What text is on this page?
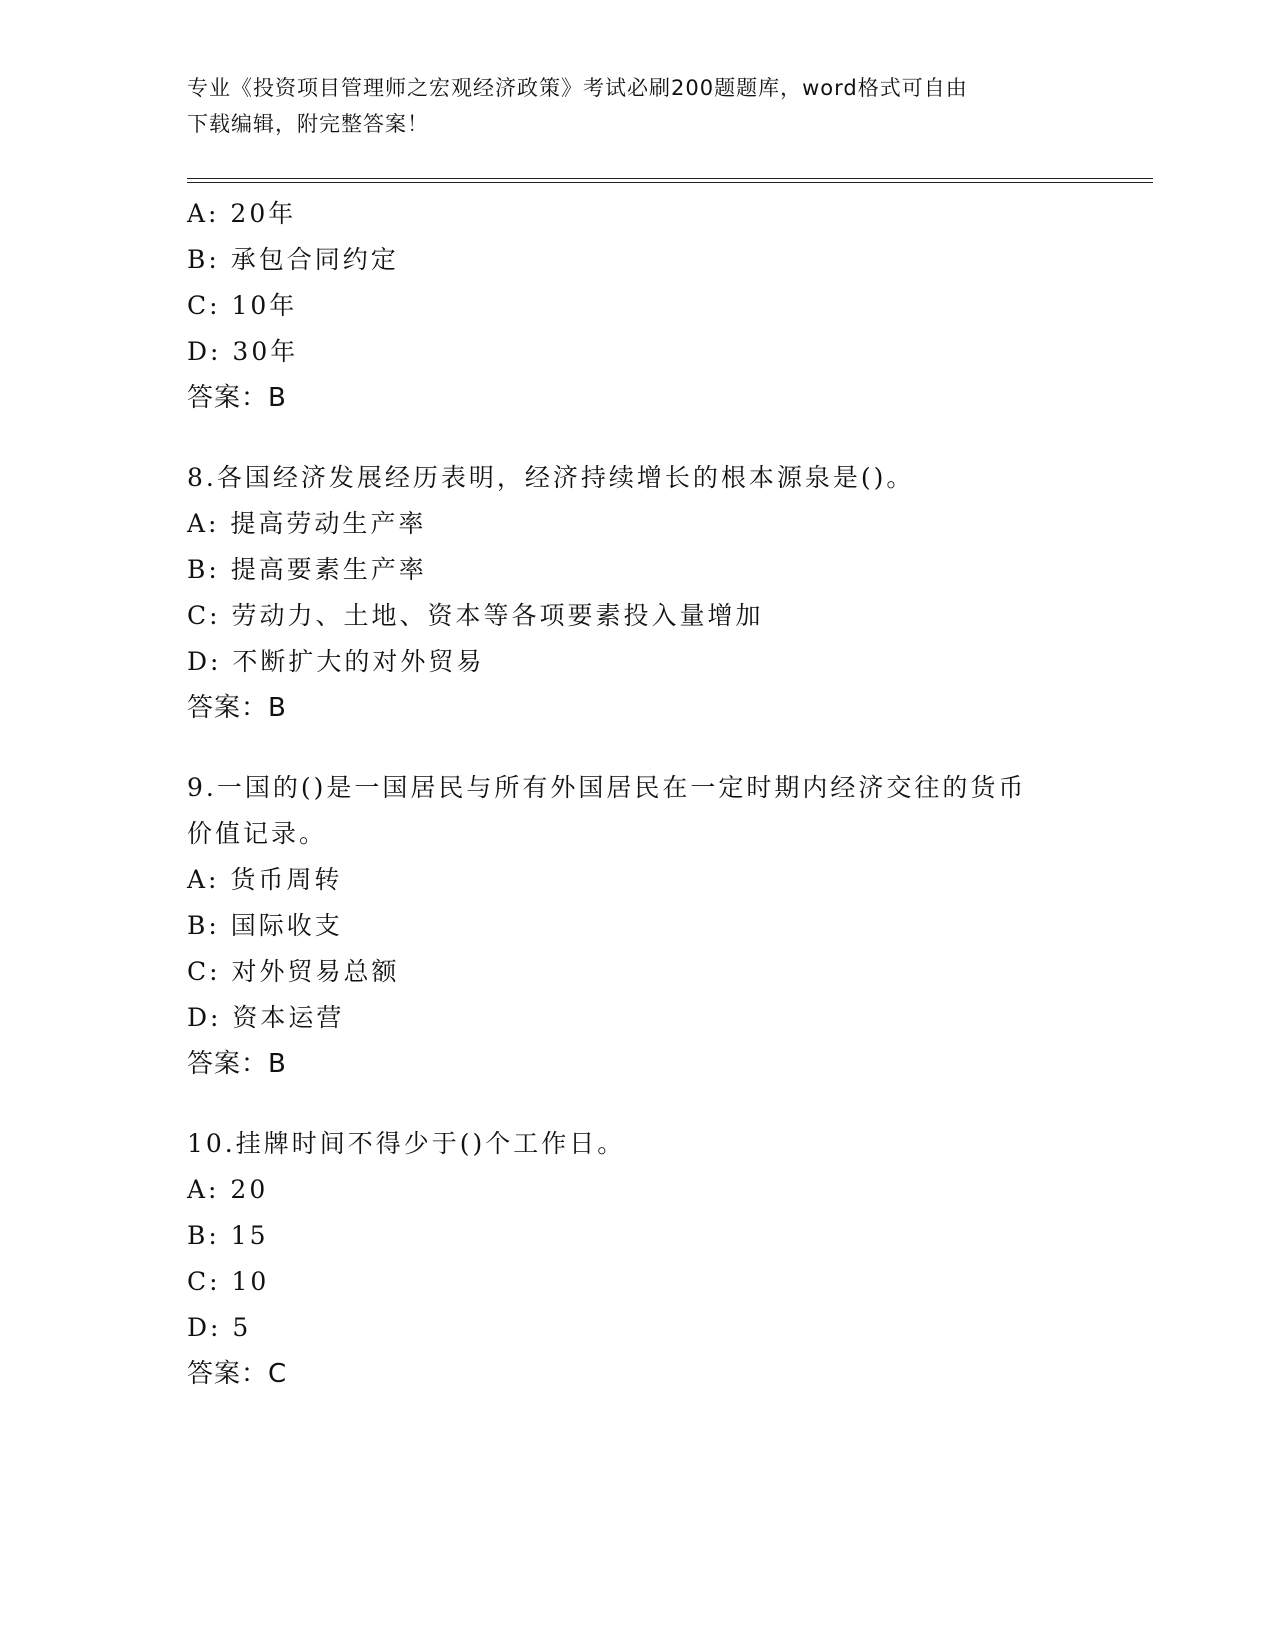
专业《投资项目管理师之宏观经济政策》考试必刷200题题库，word格式可自由
下载编辑，附完整答案！
A: 20年
B: 承包合同约定
C: 10年
D: 30年
答案：B
8.各国经济发展经历表明，经济持续增长的根本源泉是()。
A: 提高劳动生产率
B: 提高要素生产率
C: 劳动力、土地、资本等各项要素投入量增加
D: 不断扩大的对外贸易
答案：B
9.一国的()是一国居民与所有外国居民在一定时期内经济交往的货币
价值记录。
A: 货币周转
B: 国际收支
C: 对外贸易总额
D: 资本运营
答案：B
10.挂牌时间不得少于()个工作日。
A: 20
B: 15
C: 10
D: 5
答案：C
